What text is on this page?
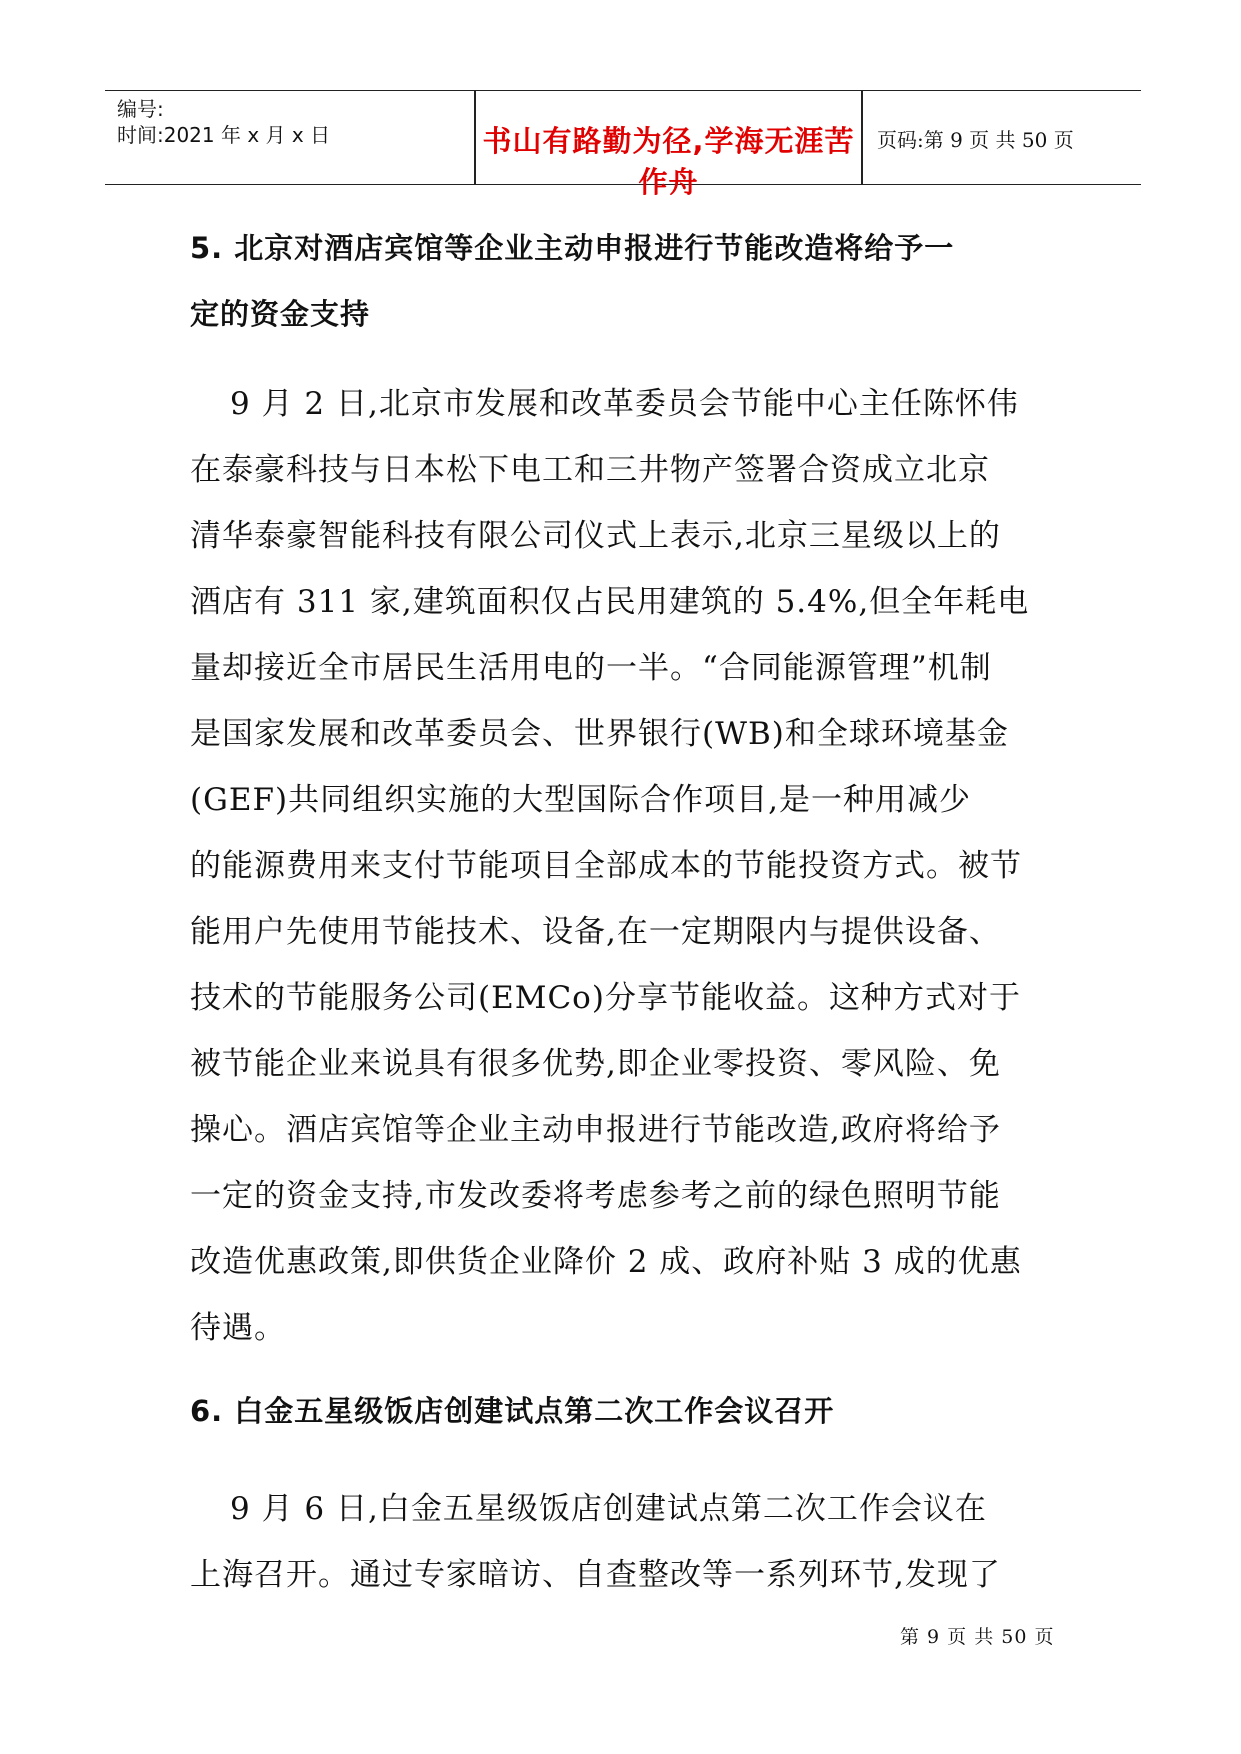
编号:
时间:2021 年 x 月 x 日	书山有路勤为径,学海无涯苦作舟
页码:第 9 页 共 50 页
5. 北京对酒店宾馆等企业主动申报进行节能改造将给予一
定的资金支持
9 月 2 日,北京市发展和改革委员会节能中心主任陈怀伟
在泰豪科技与日本松下电工和三井物产签署合资成立北京
清华泰豪智能科技有限公司仪式上表示,北京三星级以上的
酒店有 311 家,建筑面积仅占民用建筑的 5.4%,但全年耗电
量却接近全市居民生活用电的一半。“合同能源管理”机制
是国家发展和改革委员会、世界银行(WB)和全球环境基金
(GEF)共同组织实施的大型国际合作项目,是一种用减少
的能源费用来支付节能项目全部成本的节能投资方式。被节
能用户先使用节能技术、设备,在一定期限内与提供设备、
技术的节能服务公司(EMCo)分享节能收益。这种方式对于
被节能企业来说具有很多优势,即企业零投资、零风险、免
操心。酒店宾馆等企业主动申报进行节能改造,政府将给予
一定的资金支持,市发改委将考虑参考之前的绿色照明节能
改造优惠政策,即供货企业降价 2 成、政府补贴 3 成的优惠
待遇。
6. 白金五星级饭店创建试点第二次工作会议召开
9 月 6 日,白金五星级饭店创建试点第二次工作会议在
上海召开。通过专家暗访、自查整改等一系列环节,发现了
第 9 页 共 50 页
